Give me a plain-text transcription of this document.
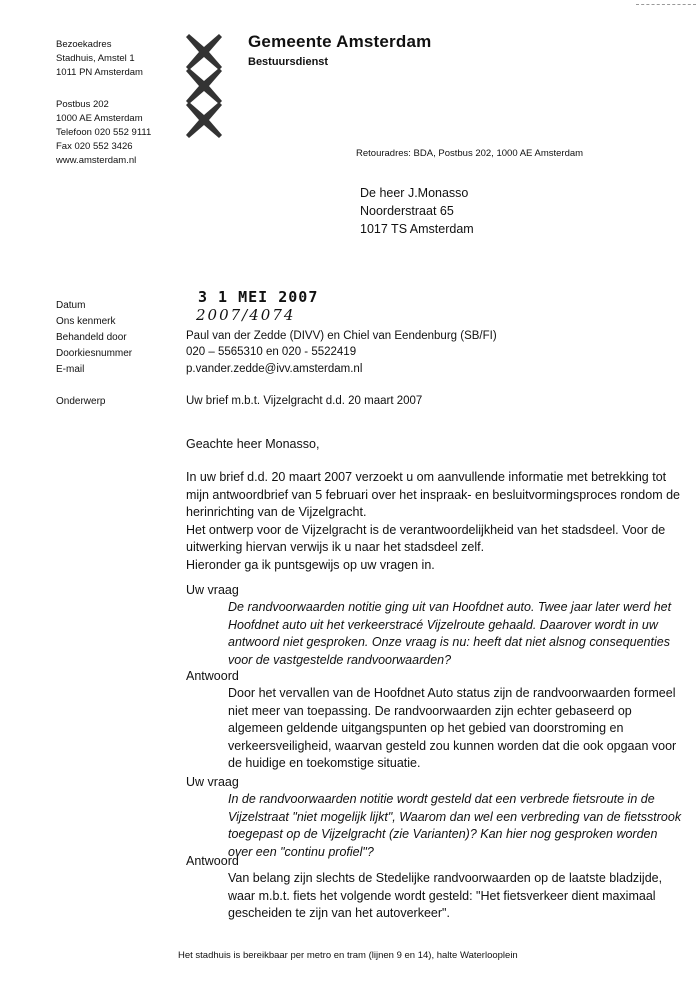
Bezoekadres
Stadhuis, Amstel 1
1011 PN Amsterdam
Postbus 202
1000 AE Amsterdam
Telefoon 020 552 9111
Fax 020 552 3426
www.amsterdam.nl
Gemeente Amsterdam
Bestuursdienst
Retouradres: BDA, Postbus 202, 1000 AE Amsterdam
De heer J.Monasso
Noorderstraat 65
1017 TS Amsterdam
Datum
Ons kenmerk
Behandeld door
Doorkiesnummer
E-mail
Onderwerp
3 1 MEI 2007
2007/4074
Paul van der Zedde (DIVV) en Chiel van Eendenburg (SB/FI)
020 – 5565310 en 020 - 5522419
p.vander.zedde@ivv.amsterdam.nl
Uw brief m.b.t. Vijzelgracht d.d. 20 maart 2007
Geachte heer Monasso,
In uw brief d.d. 20 maart 2007 verzoekt u om aanvullende informatie met betrekking tot
mijn antwoordbrief van 5 februari over het inspraak- en besluitvormingsproces rondom de
herinrichting van de Vijzelgracht.
Het ontwerp voor de Vijzelgracht is de verantwoordelijkheid van het stadsdeel. Voor de
uitwerking hiervan verwijs ik u naar het stadsdeel zelf.
Hieronder ga ik puntsgewijs op uw vragen in.
Uw vraag
De randvoorwaarden notitie ging uit van Hoofdnet auto. Twee jaar later werd het
Hoofdnet auto uit het verkeerstracé Vijzelroute gehaald. Daarover wordt in uw
antwoord niet gesproken. Onze vraag is nu: heeft dat niet alsnog consequenties
voor de vastgestelde randvoorwaarden?
Antwoord
Door het vervallen van de Hoofdnet Auto status zijn de randvoorwaarden formeel
niet meer van toepassing. De randvoorwaarden zijn echter gebaseerd op
algemeen geldende uitgangspunten op het gebied van doorstroming en
verkeersveiligheid, waarvan gesteld zou kunnen worden dat die ook opgaan voor
de huidige en toekomstige situatie.
Uw vraag
In de randvoorwaarden notitie wordt gesteld dat een verbrede fietsroute in de
Vijzelstraat "niet mogelijk lijkt", Waarom dan wel een verbreding van de fietsstrook
toegepast op de Vijzelgracht (zie Varianten)? Kan hier nog gesproken worden
over een "continu profiel"?
Antwoord
Van belang zijn slechts de Stedelijke randvoorwaarden op de laatste bladzijde,
waar m.b.t. fiets het volgende wordt gesteld: "Het fietsverkeer dient maximaal
gescheiden te zijn van het autoverkeer".
Het stadhuis is bereikbaar per metro en tram (lijnen 9 en 14), halte Waterlooplein
